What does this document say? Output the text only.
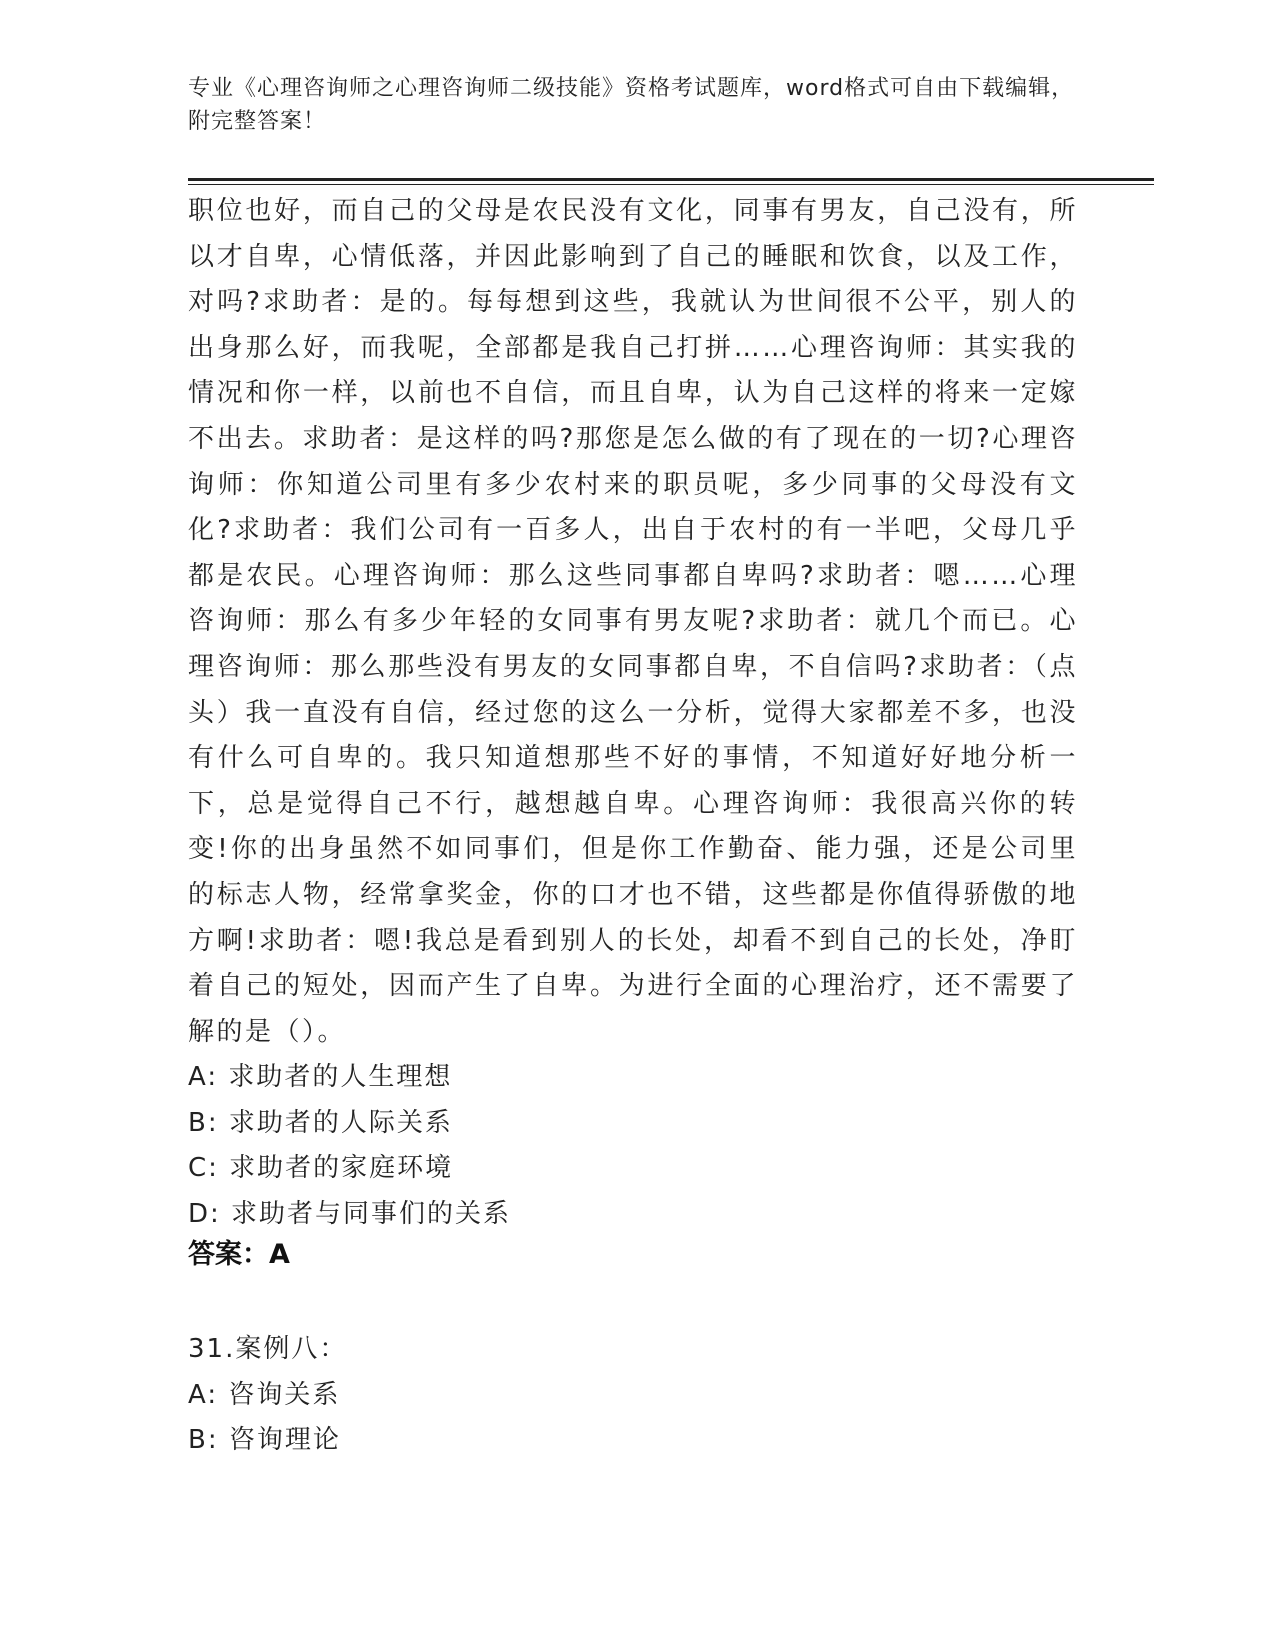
专业《心理咨询师之心理咨询师二级技能》资格考试题库，word格式可自由下载编辑，附完整答案！
职位也好，而自己的父母是农民没有文化，同事有男友，自己没有，所以才自卑，心情低落，并因此影响到了自己的睡眠和饮食，以及工作，对吗?求助者：是的。每每想到这些，我就认为世间很不公平，别人的出身那么好，而我呢，全部都是我自己打拼……心理咨询师：其实我的情况和你一样，以前也不自信，而且自卑，认为自己这样的将来一定嫁不出去。求助者：是这样的吗?那您是怎么做的有了现在的一切?心理咨询师：你知道公司里有多少农村来的职员呢，多少同事的父母没有文化?求助者：我们公司有一百多人，出自于农村的有一半吧，父母几乎都是农民。心理咨询师：那么这些同事都自卑吗?求助者：嗯……心理咨询师：那么有多少年轻的女同事有男友呢?求助者：就几个而已。心理咨询师：那么那些没有男友的女同事都自卑，不自信吗?求助者：（点头）我一直没有自信，经过您的这么一分析，觉得大家都差不多，也没有什么可自卑的。我只知道想那些不好的事情，不知道好好地分析一下，总是觉得自己不行，越想越自卑。心理咨询师：我很高兴你的转变!你的出身虽然不如同事们，但是你工作勤奋、能力强，还是公司里的标志人物，经常拿奖金，你的口才也不错，这些都是你值得骄傲的地方啊!求助者：嗯!我总是看到别人的长处，却看不到自己的长处，净盯着自己的短处，因而产生了自卑。为进行全面的心理治疗，还不需要了解的是（）。
A: 求助者的人生理想
B: 求助者的人际关系
C: 求助者的家庭环境
D: 求助者与同事们的关系
答案：A
31.案例八：
A: 咨询关系
B: 咨询理论
